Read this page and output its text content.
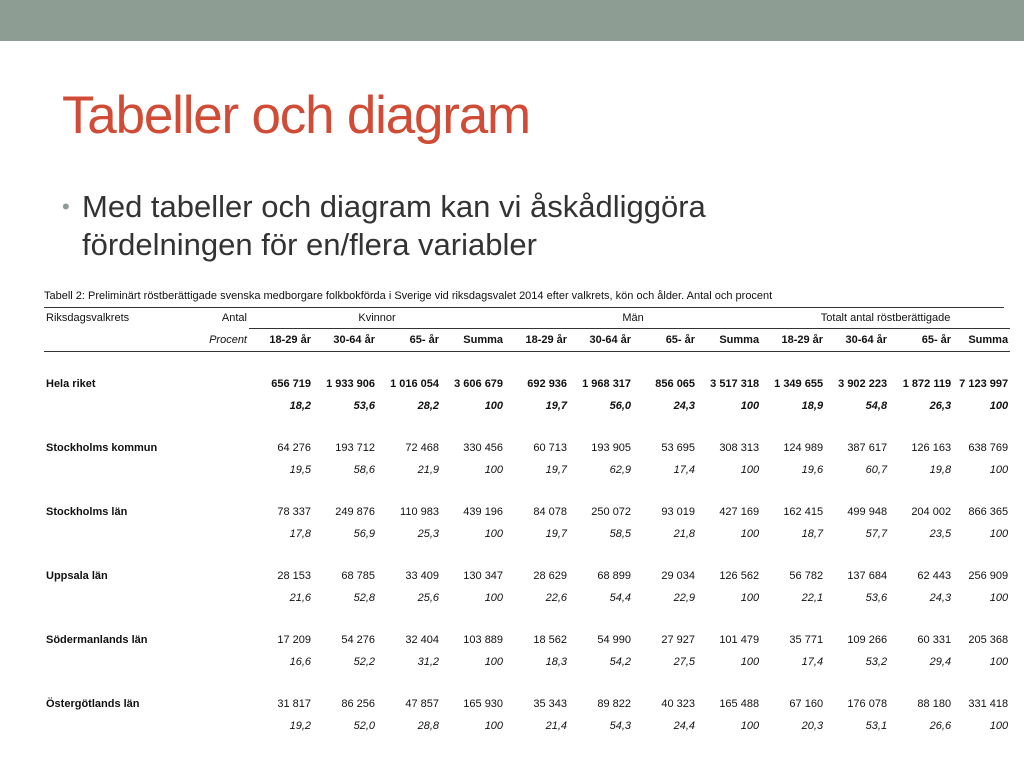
Tabeller och diagram
• Med tabeller och diagram kan vi åskådliggöra fördelningen för en/flera variabler
Tabell 2: Preliminärt röstberättigade svenska medborgare folkbokförda i Sverige vid riksdagsvalet 2014 efter valkrets, kön och ålder. Antal och procent
Riksdagsvalkrets	Antal	Kvinnor				Män				Totalt antal röstberättigade			
	Procent	18-29 år	30-64 år	65- år	Summa	18-29 år	30-64 år	65- år	Summa	18-29 år	30-64 år	65- år	Summa

Hela riket		656 719	1 933 906	1 016 054	3 606 679	692 936	1 968 317	856 065	3 517 318	1 349 655	3 902 223	1 872 119	7 123 997
		18,2	53,6	28,2	100	19,7	56,0	24,3	100	18,9	54,8	26,3	100

Stockholms kommun		64 276	193 712	72 468	330 456	60 713	193 905	53 695	308 313	124 989	387 617	126 163	638 769
		19,5	58,6	21,9	100	19,7	62,9	17,4	100	19,6	60,7	19,8	100

Stockholms län		78 337	249 876	110 983	439 196	84 078	250 072	93 019	427 169	162 415	499 948	204 002	866 365
		17,8	56,9	25,3	100	19,7	58,5	21,8	100	18,7	57,7	23,5	100

Uppsala län		28 153	68 785	33 409	130 347	28 629	68 899	29 034	126 562	56 782	137 684	62 443	256 909
		21,6	52,8	25,6	100	22,6	54,4	22,9	100	22,1	53,6	24,3	100

Södermanlands län		17 209	54 276	32 404	103 889	18 562	54 990	27 927	101 479	35 771	109 266	60 331	205 368
		16,6	52,2	31,2	100	18,3	54,2	27,5	100	17,4	53,2	29,4	100

Östergötlands län		31 817	86 256	47 857	165 930	35 343	89 822	40 323	165 488	67 160	176 078	88 180	331 418
		19,2	52,0	28,8	100	21,4	54,3	24,4	100	20,3	53,1	26,6	100
